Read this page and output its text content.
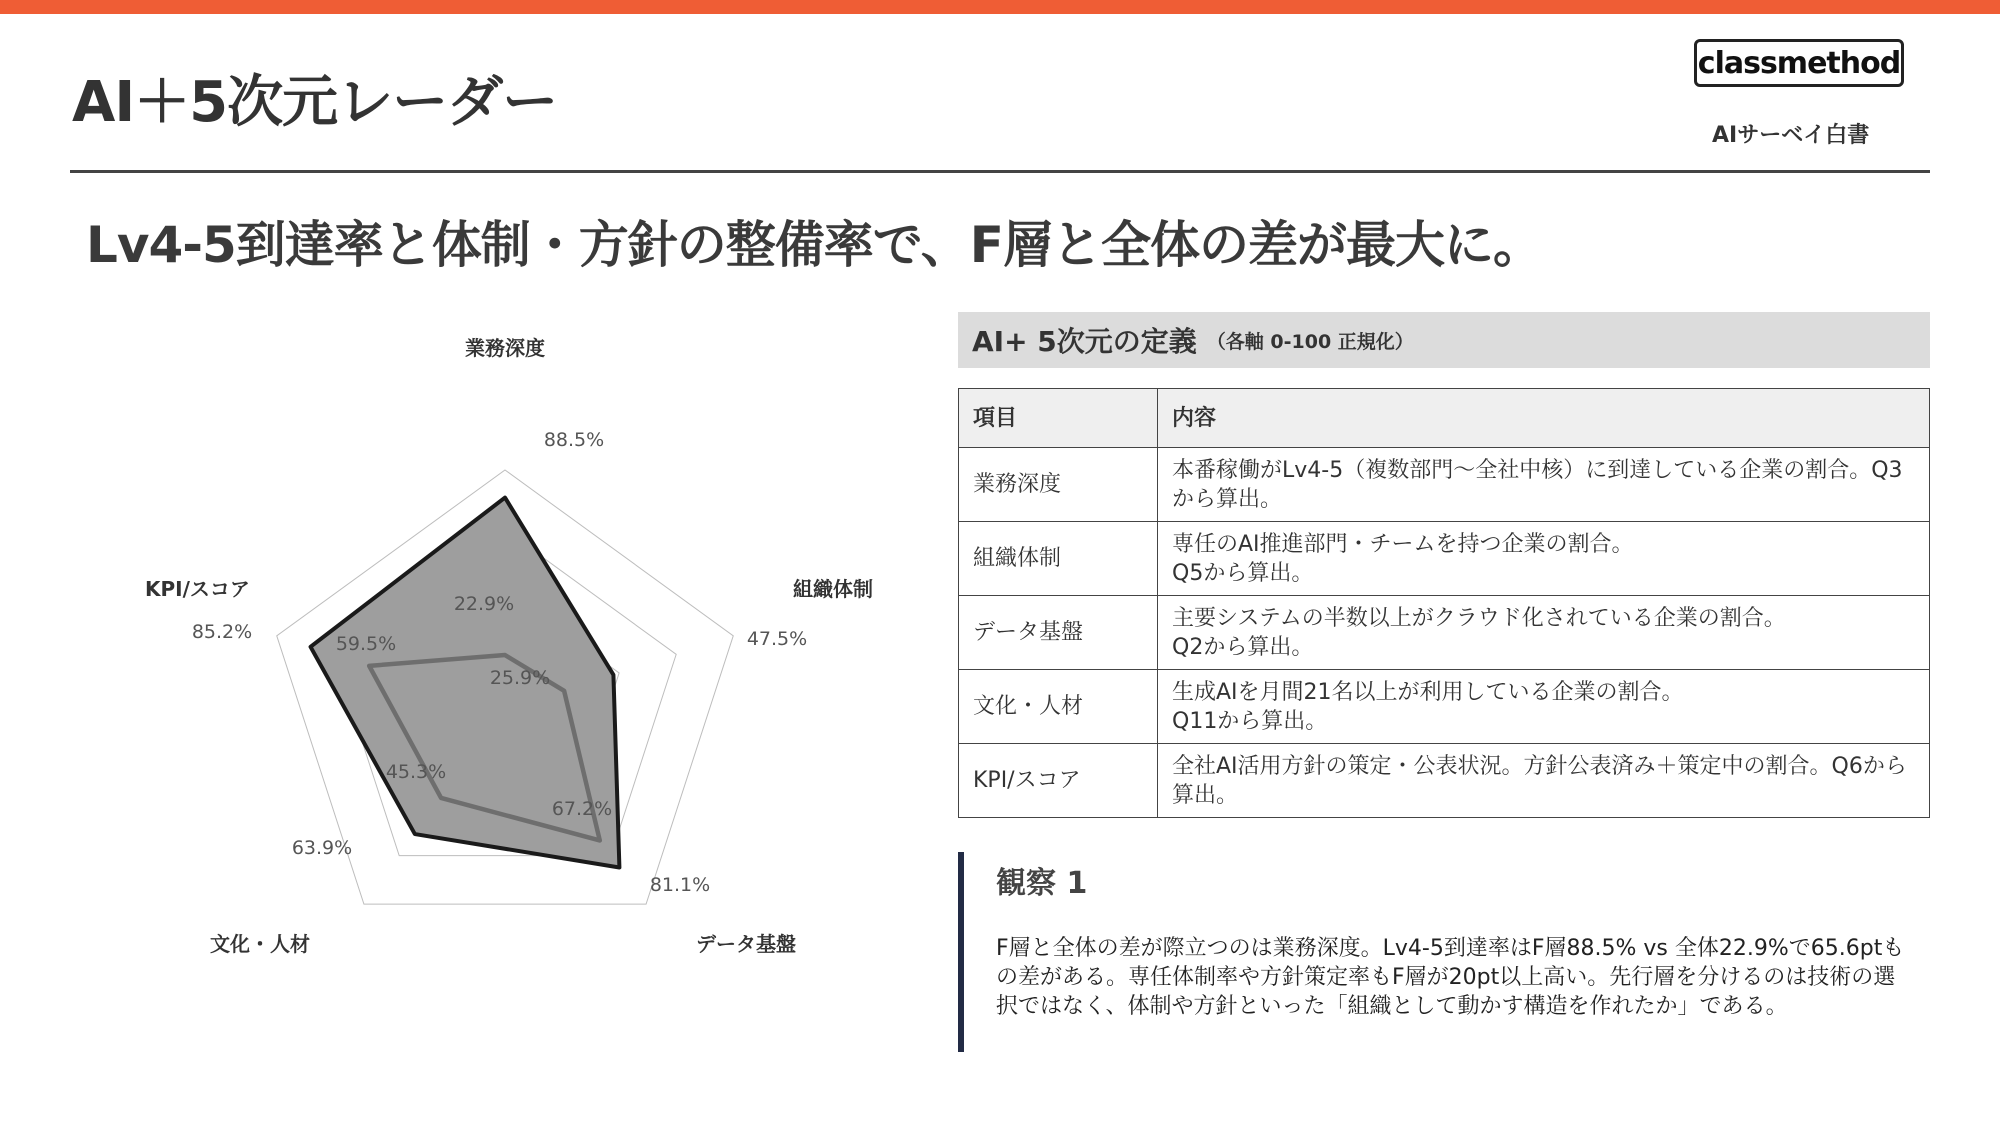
AI＋5次元レーダー
classmethod
AIサーベイ白書
Lv4-5到達率と体制・方針の整備率で、F層と全体の差が最大に。
業務深度
組織体制
データ基盤
文化・人材
KPI/スコア
88.5%
47.5%
81.1%
63.9%
85.2%
22.9%
25.9%
67.2%
45.3%
59.5%
AI+ 5次元の定義 （各軸 0-100 正規化）
項目	内容
業務深度	本番稼働がLv4-5（複数部門〜全社中核）に到達している企業の割合。Q3から算出。
組織体制	専任のAI推進部門・チームを持つ企業の割合。
Q5から算出。
データ基盤	主要システムの半数以上がクラウド化されている企業の割合。
Q2から算出。
文化・人材	生成AIを月間21名以上が利用している企業の割合。
Q11から算出。
KPI/スコア	全社AI活用方針の策定・公表状況。方針公表済み＋策定中の割合。Q6から算出。
観察 1

F層と全体の差が際立つのは業務深度。Lv4-5到達率はF層88.5% vs 全体22.9%で65.6ptもの差がある。専任体制率や方針策定率もF層が20pt以上高い。先行層を分けるのは技術の選択ではなく、体制や方針といった「組織として動かす構造を作れたか」である。
